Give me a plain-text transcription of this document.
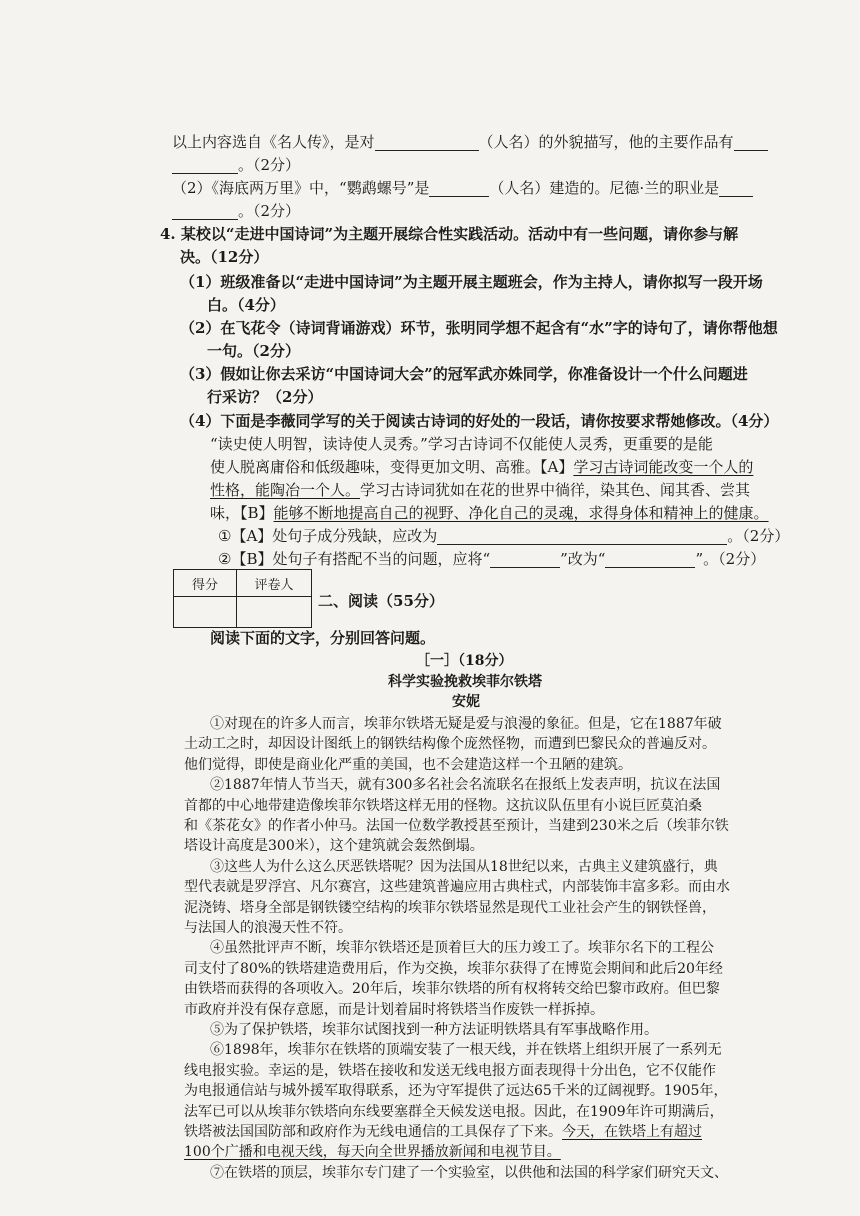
以上内容选自《名人传》，是对	（人名）的外貌描写，他的主要作品有
。（2分）
（2）《海底两万里》中，“鹦鹉螺号”是	（人名）建造的。尼德·兰的职业是
。（2分）
4. 某校以“走进中国诗词”为主题开展综合性实践活动。活动中有一些问题，请你参与解
决。（12分）
（1）班级准备以“走进中国诗词”为主题开展主题班会，作为主持人，请你拟写一段开场
白。（4分）
（2）在飞花令（诗词背诵游戏）环节，张明同学想不起含有“水”字的诗句了，请你帮他想
一句。（2分）
（3）假如让你去采访“中国诗词大会”的冠军武亦姝同学，你准备设计一个什么问题进
行采访？（2分）
（4）下面是李薇同学写的关于阅读古诗词的好处的一段话，请你按要求帮她修改。（4分）
“读史使人明智，读诗使人灵秀。”学习古诗词不仅能使人灵秀，更重要的是能
使人脱离庸俗和低级趣味，变得更加文明、高雅。【A】学习古诗词能改变一个人的
性格，能陶冶一个人。学习古诗词犹如在花的世界中徜徉，染其色、闻其香、尝其
味，【B】能够不断地提高自己的视野、净化自己的灵魂，求得身体和精神上的健康。
①【A】处句子成分残缺，应改为	。（2分）
②【B】处句子有搭配不当的问题，应将“	”改为“	”。（2分）
得分	评卷人

二、阅读（55分）
阅读下面的文字，分别回答问题。
［一］（18分）
科学实验挽救埃菲尔铁塔
安妮
①对现在的许多人而言，埃菲尔铁塔无疑是爱与浪漫的象征。但是，它在1887年破
土动工之时，却因设计图纸上的钢铁结构像个庞然怪物，而遭到巴黎民众的普遍反对。
他们觉得，即使是商业化严重的美国，也不会建造这样一个丑陋的建筑。
②1887年情人节当天，就有300多名社会名流联名在报纸上发表声明，抗议在法国
首都的中心地带建造像埃菲尔铁塔这样无用的怪物。这抗议队伍里有小说巨匠莫泊桑
和《茶花女》的作者小仲马。法国一位数学教授甚至预计，当建到230米之后（埃菲尔铁
塔设计高度是300米），这个建筑就会轰然倒塌。
③这些人为什么这么厌恶铁塔呢？因为法国从18世纪以来，古典主义建筑盛行，典
型代表就是罗浮宫、凡尔赛宫，这些建筑普遍应用古典柱式，内部装饰丰富多彩。而由水
泥浇铸、塔身全部是钢铁镂空结构的埃菲尔铁塔显然是现代工业社会产生的钢铁怪兽，
与法国人的浪漫天性不符。
④虽然批评声不断，埃菲尔铁塔还是顶着巨大的压力竣工了。埃菲尔名下的工程公
司支付了80%的铁塔建造费用后，作为交换，埃菲尔获得了在博览会期间和此后20年经
由铁塔而获得的各项收入。20年后，埃菲尔铁塔的所有权将转交给巴黎市政府。但巴黎
市政府并没有保存意愿，而是计划着届时将铁塔当作废铁一样拆掉。
⑤为了保护铁塔，埃菲尔试图找到一种方法证明铁塔具有军事战略作用。
⑥1898年，埃菲尔在铁塔的顶端安装了一根天线，并在铁塔上组织开展了一系列无
线电报实验。幸运的是，铁塔在接收和发送无线电报方面表现得十分出色，它不仅能作
为电报通信站与城外援军取得联系，还为守军提供了远达65千米的辽阔视野。1905年，
法军已可以从埃菲尔铁塔向东线要塞群全天候发送电报。因此，在1909年许可期满后，
铁塔被法国国防部和政府作为无线电通信的工具保存了下来。今天，在铁塔上有超过
100个广播和电视天线，每天向全世界播放新闻和电视节目。
⑦在铁塔的顶层，埃菲尔专门建了一个实验室，以供他和法国的科学家们研究天文、
